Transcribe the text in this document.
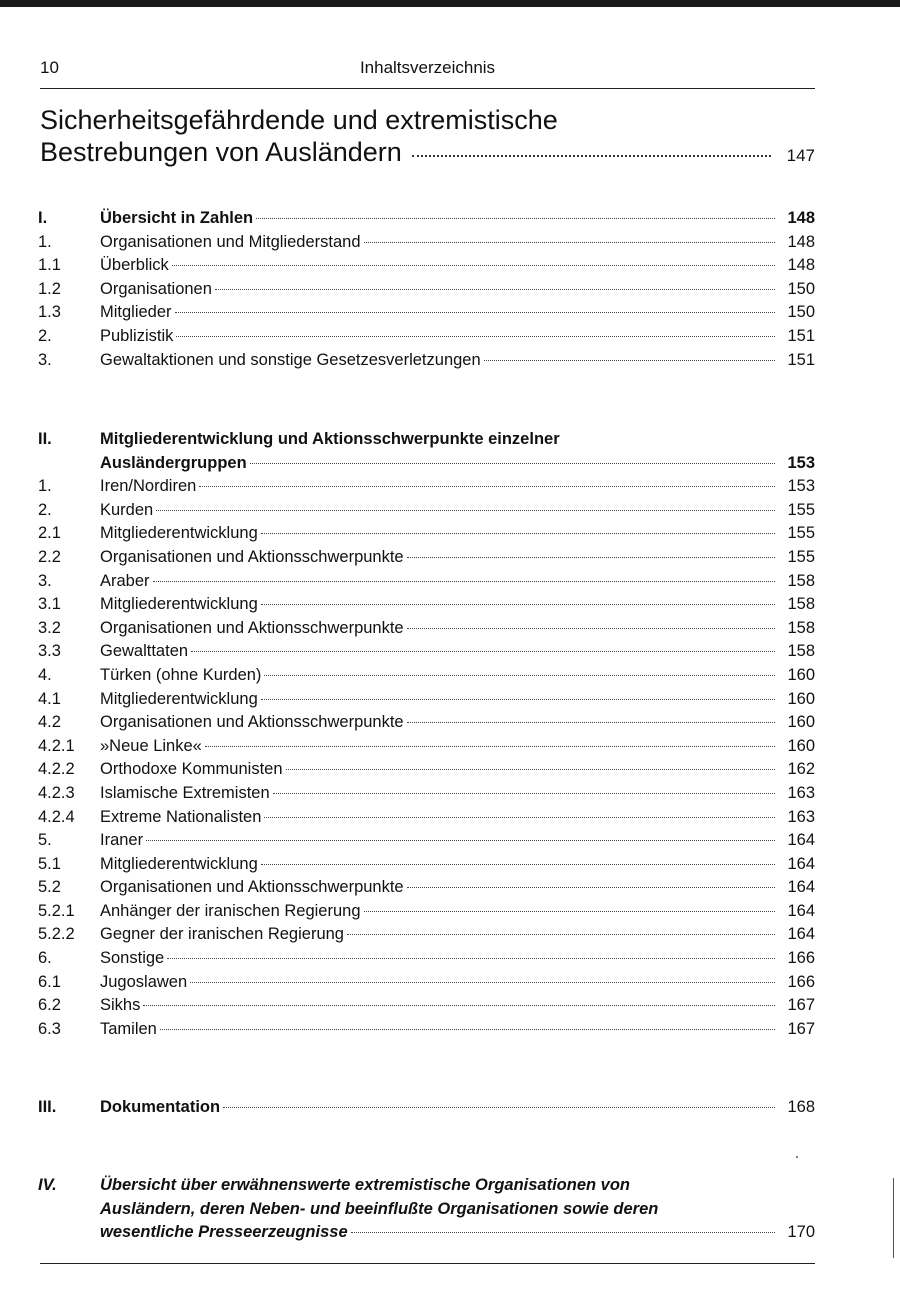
10	Inhaltsverzeichnis
Sicherheitsgefährdende und extremistische
Bestrebungen von Ausländern	147
I.	Übersicht in Zahlen	148
1.	Organisationen und Mitgliederstand	148
1.1	Überblick	148
1.2	Organisationen	150
1.3	Mitglieder	150
2.	Publizistik	151
3.	Gewaltaktionen und sonstige Gesetzesverletzungen	151
II.	Mitgliederentwicklung und Aktionsschwerpunkte einzelner
Ausländergruppen	153
1.	Iren/Nordiren	153
2.	Kurden	155
2.1	Mitgliederentwicklung	155
2.2	Organisationen und Aktionsschwerpunkte	155
3.	Araber	158
3.1	Mitgliederentwicklung	158
3.2	Organisationen und Aktionsschwerpunkte	158
3.3	Gewalttaten	158
4.	Türken (ohne Kurden)	160
4.1	Mitgliederentwicklung	160
4.2	Organisationen und Aktionsschwerpunkte	160
4.2.1	»Neue Linke«	160
4.2.2	Orthodoxe Kommunisten	162
4.2.3	Islamische Extremisten	163
4.2.4	Extreme Nationalisten	163
5.	Iraner	164
5.1	Mitgliederentwicklung	164
5.2	Organisationen und Aktionsschwerpunkte	164
5.2.1	Anhänger der iranischen Regierung	164
5.2.2	Gegner der iranischen Regierung	164
6.	Sonstige	166
6.1	Jugoslawen	166
6.2	Sikhs	167
6.3	Tamilen	167
III.	Dokumentation	168
IV.	Übersicht über erwähnenswerte extremistische Organisationen von
Ausländern, deren Neben- und beeinflußte Organisationen sowie deren
wesentliche Presseerzeugnisse	170
